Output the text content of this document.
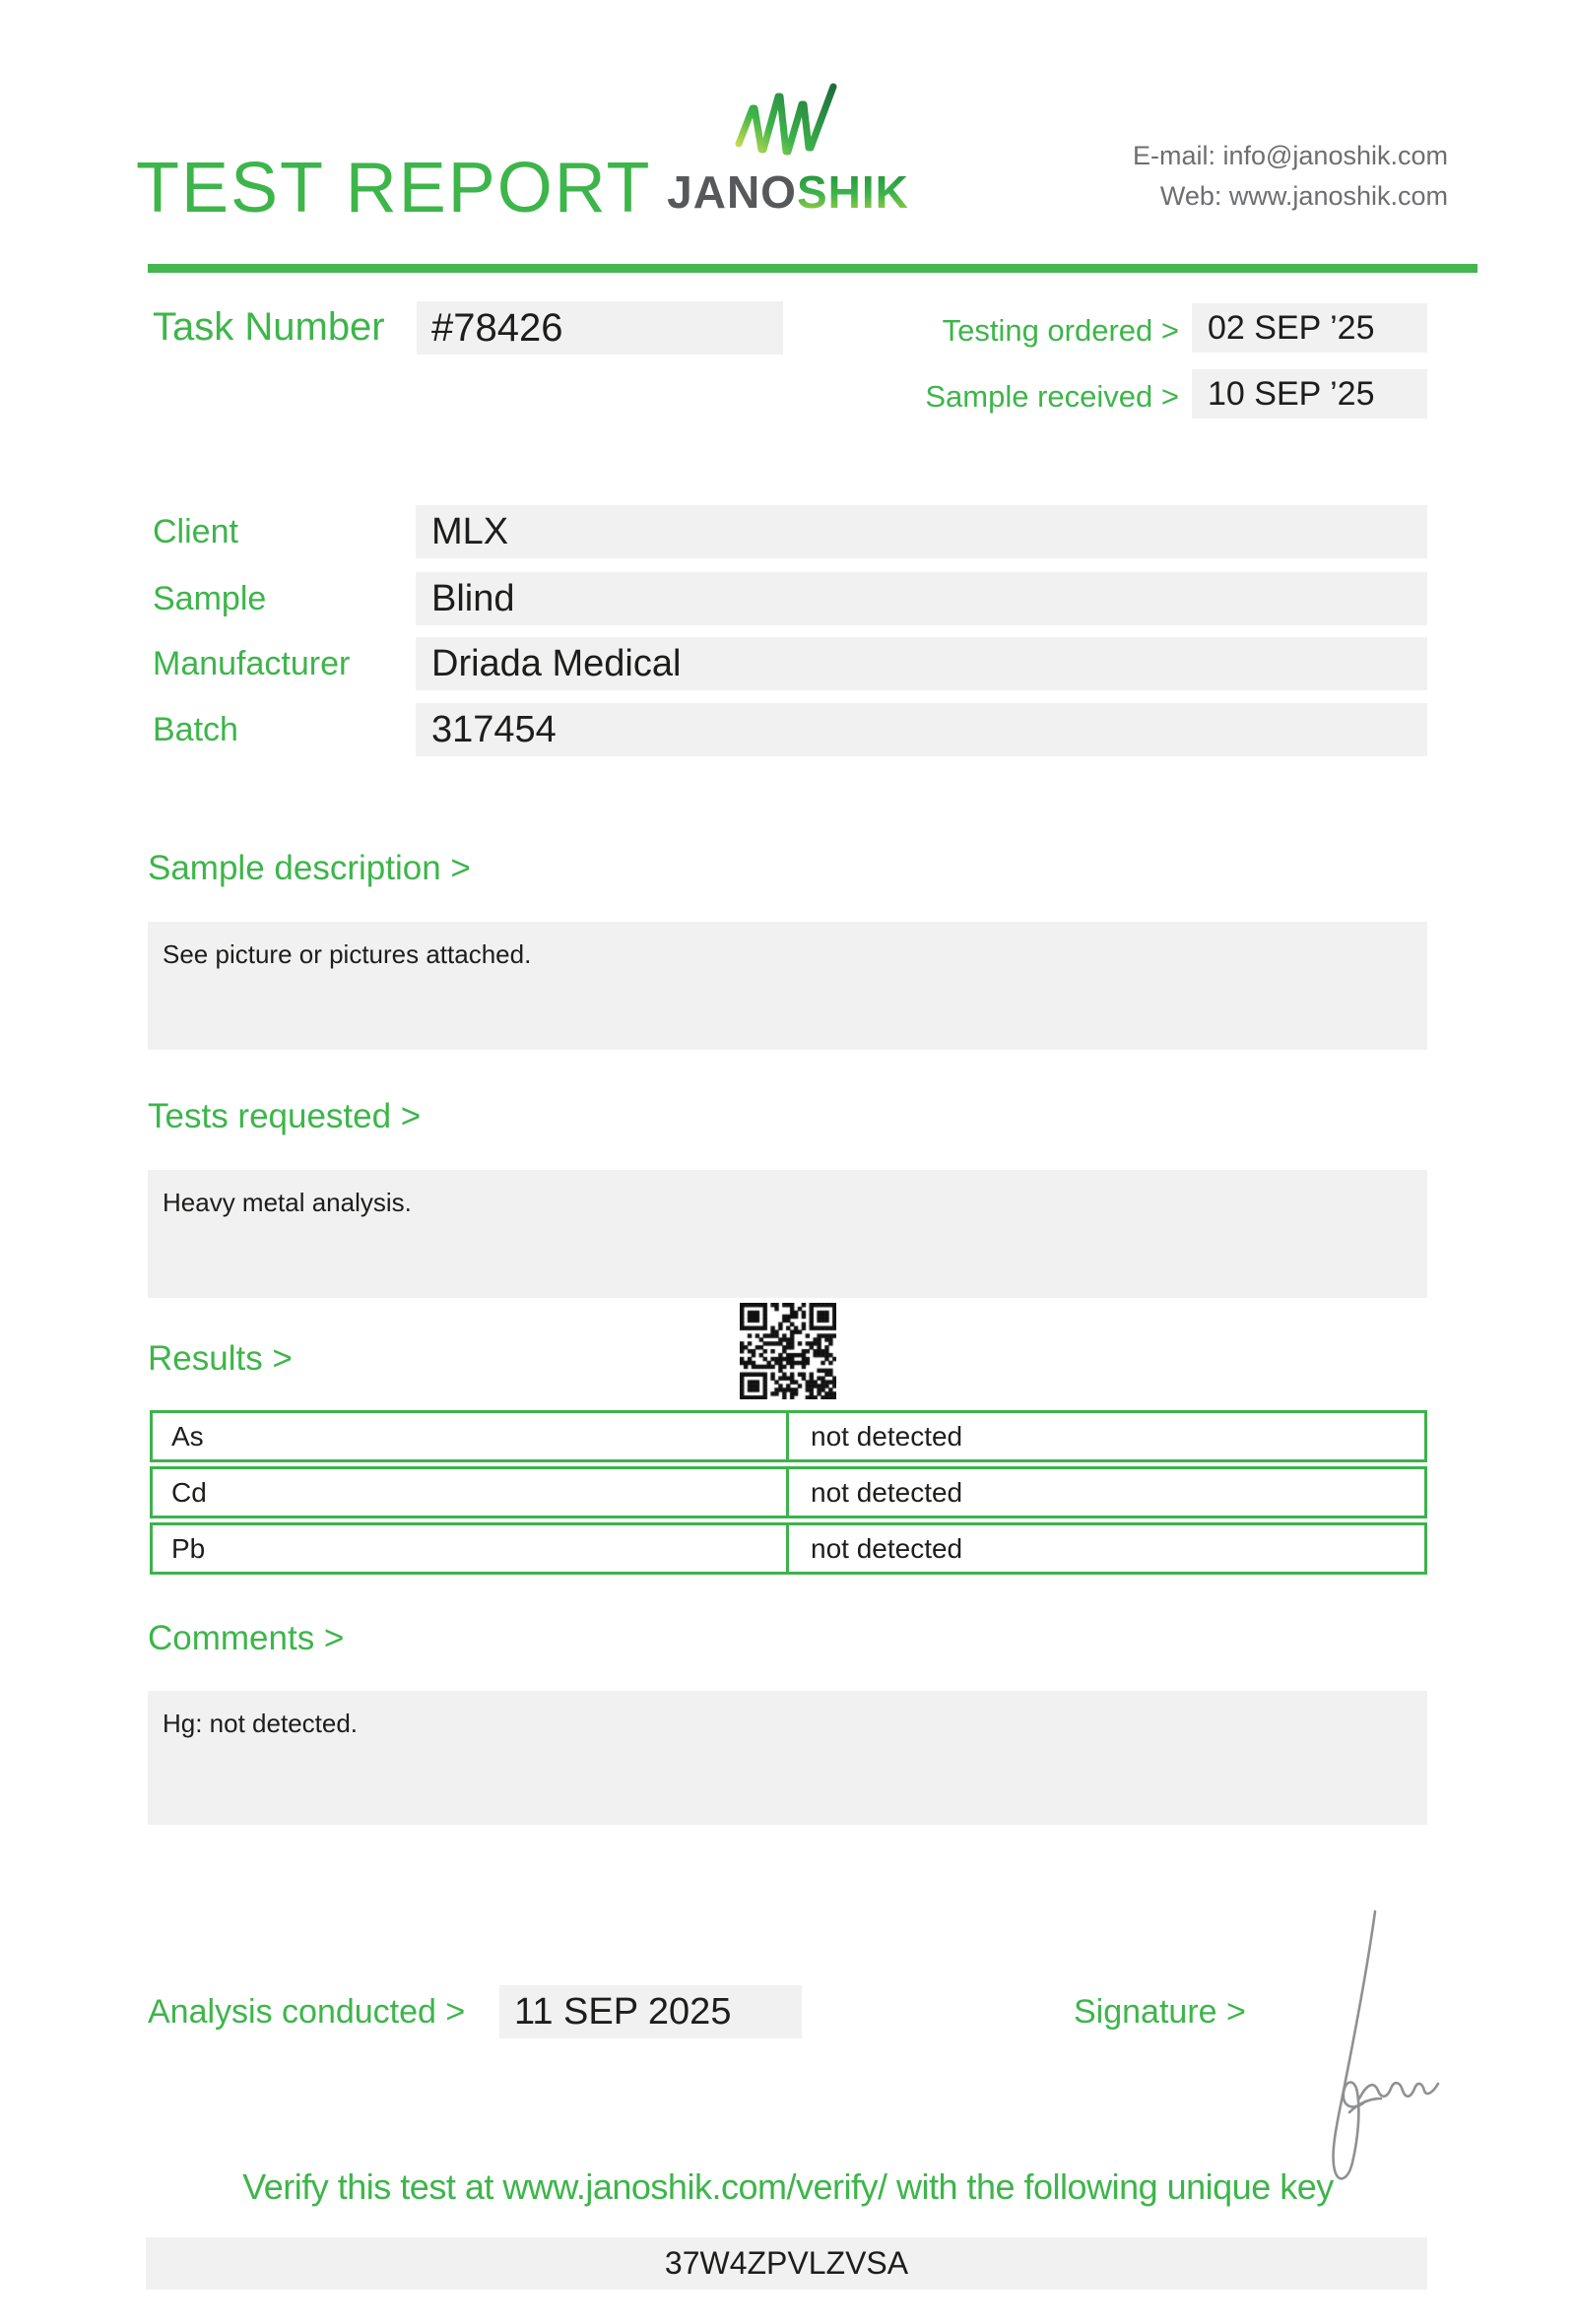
TEST REPORT JANOSHIK
E-mail: info@janoshik.com
Web: www.janoshik.com
Task Number	#78426	Testing ordered > 02 SEP ’25
Sample received > 10 SEP ’25
Client	MLX
Sample	Blind
Manufacturer	Driada Medical
Batch	317454
Sample description >
See picture or pictures attached.
Tests requested >
Heavy metal analysis.
Results >
As	not detected
Cd	not detected
Pb	not detected
Comments >
Hg: not detected.
Analysis conducted >	11 SEP 2025	Signature >
Verify this test at www.janoshik.com/verify/ with the following unique key
37W4ZPVLZVSA
